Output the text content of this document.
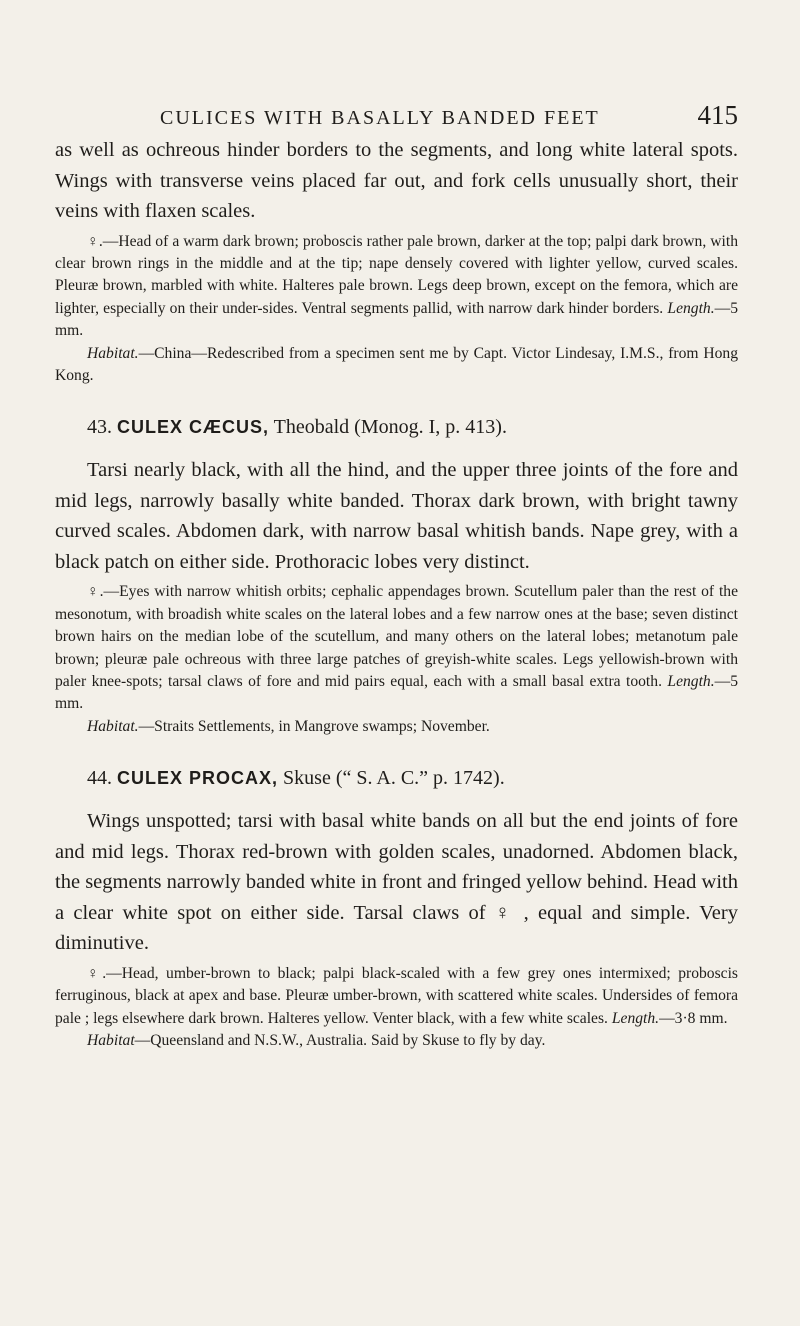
CULICES WITH BASALLY BANDED FEET	415

as well as ochreous hinder borders to the segments, and long white lateral spots. Wings with transverse veins placed far out, and fork cells unusually short, their veins with flaxen scales.

♀.—Head of a warm dark brown; proboscis rather pale brown, darker at the top; palpi dark brown, with clear brown rings in the middle and at the tip; nape densely covered with lighter yellow, curved scales. Pleuræ brown, marbled with white. Halteres pale brown. Legs deep brown, except on the femora, which are lighter, especially on their under-sides. Ventral segments pallid, with narrow dark hinder borders. Length.—5 mm.

Habitat.—China—Redescribed from a specimen sent me by Capt. Victor Lindesay, I.M.S., from Hong Kong.

43. CULEX CÆCUS, Theobald (Monog. I, p. 413).

Tarsi nearly black, with all the hind, and the upper three joints of the fore and mid legs, narrowly basally white banded. Thorax dark brown, with bright tawny curved scales. Abdomen dark, with narrow basal whitish bands. Nape grey, with a black patch on either side. Prothoracic lobes very distinct.

♀.—Eyes with narrow whitish orbits; cephalic appendages brown. Scutellum paler than the rest of the mesonotum, with broadish white scales on the lateral lobes and a few narrow ones at the base; seven distinct brown hairs on the median lobe of the scutellum, and many others on the lateral lobes; metanotum pale brown; pleuræ pale ochreous with three large patches of greyish-white scales. Legs yellowish-brown with paler knee-spots; tarsal claws of fore and mid pairs equal, each with a small basal extra tooth. Length.—5 mm.

Habitat.—Straits Settlements, in Mangrove swamps; November.

44. CULEX PROCAX, Skuse (“ S. A. C.” p. 1742).

Wings unspotted; tarsi with basal white bands on all but the end joints of fore and mid legs. Thorax red-brown with golden scales, unadorned. Abdomen black, the segments narrowly banded white in front and fringed yellow behind. Head with a clear white spot on either side. Tarsal claws of ♀ , equal and simple. Very diminutive.

♀.—Head, umber-brown to black; palpi black-scaled with a few grey ones intermixed; proboscis ferruginous, black at apex and base. Pleuræ umber-brown, with scattered white scales. Undersides of femora pale ; legs elsewhere dark brown. Halteres yellow. Venter black, with a few white scales. Length.—3·8 mm.

Habitat—Queensland and N.S.W., Australia. Said by Skuse to fly by day.
